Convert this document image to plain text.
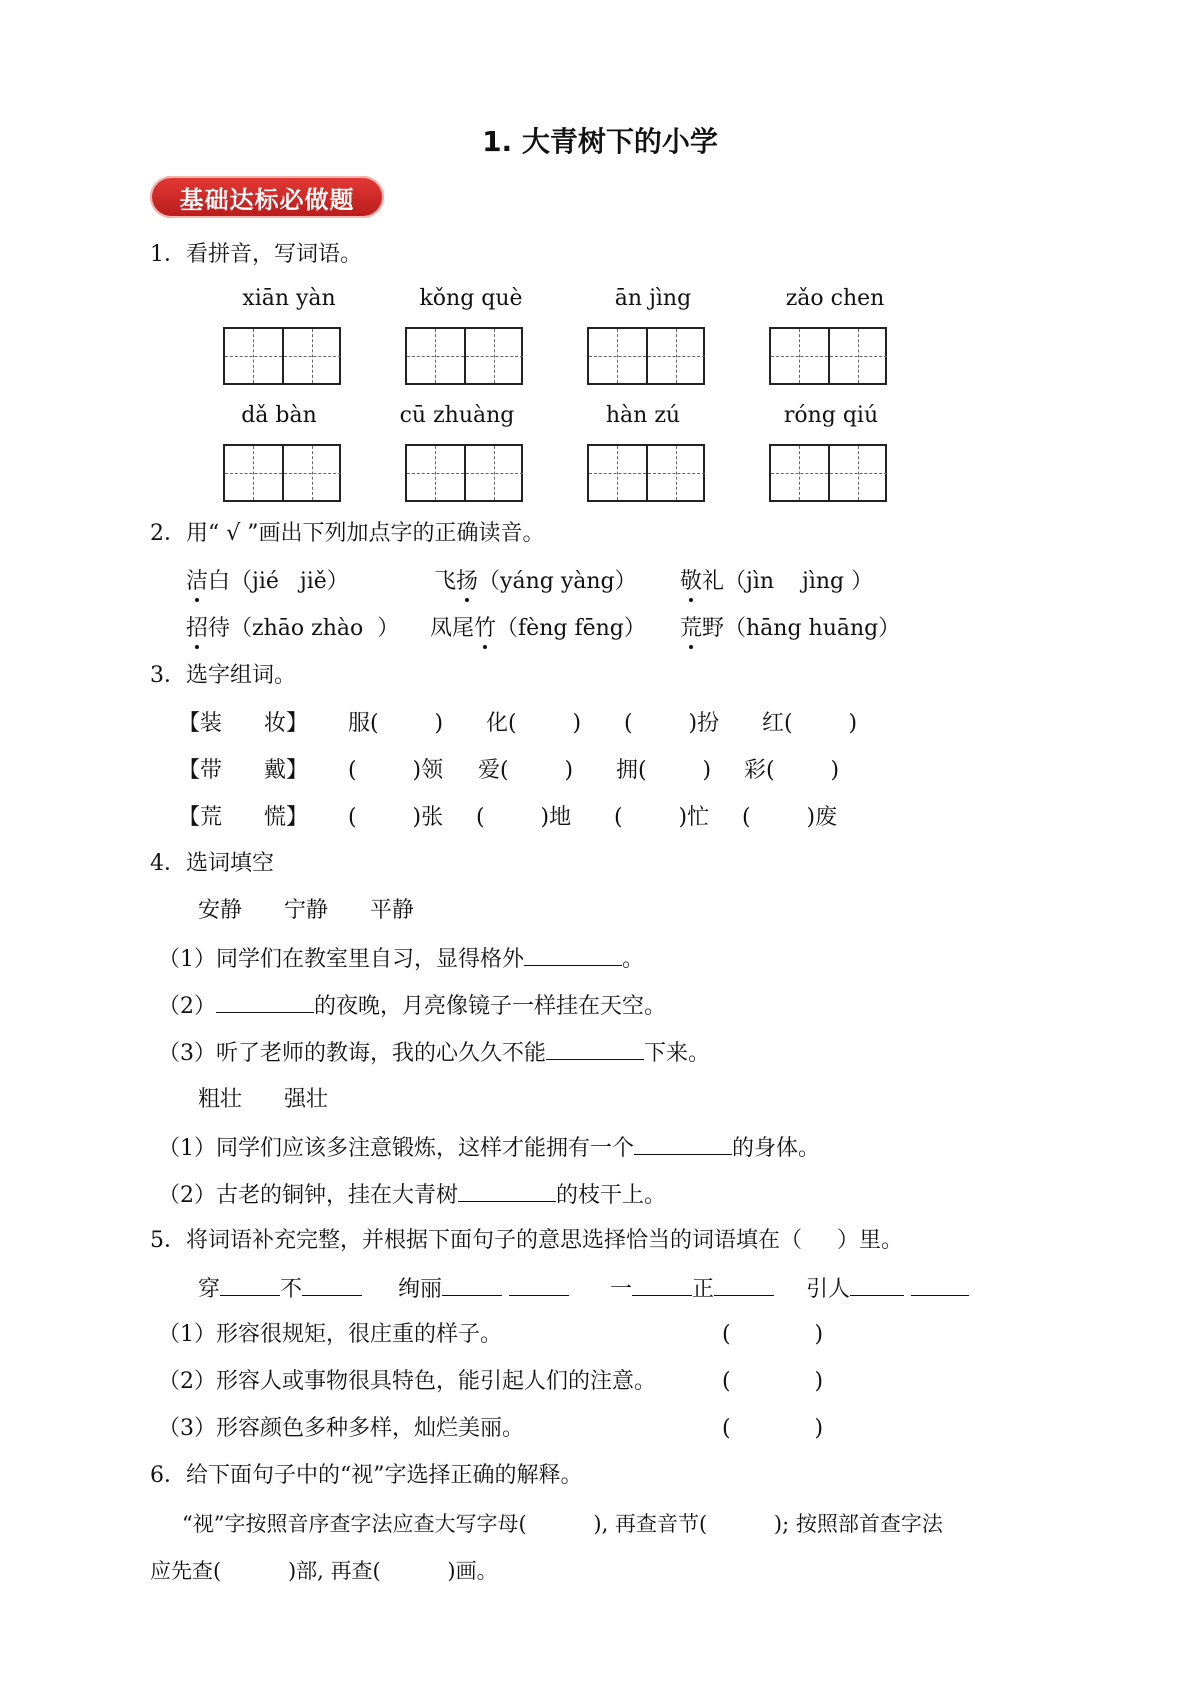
1. 大青树下的小学
基础达标必做题
1．看拼音，写词语。
xiān yàn	kǒng què	ān jìng	zǎo chen
dǎ bàn	cū zhuàng	hàn zú	róng qiú
2．用“ √ ”画出下列加点字的正确读音。
洁白（jié   jiě）	飞扬（yáng yàng） 敬礼（jìn    jìng ）
招待（zhāo zhào  ） 凤尾竹（fèng fēng） 荒野（hāng huāng）
3．选字组词。
【装      妆】 服(        ) 化(        ) (        )扮 红(        )
【带      戴】 (        )领 爱(        ) 拥(        ) 彩(        )
【荒      慌】 (        )张 (        )地 (        )忙 (        )废
4．选词填空
安静      宁静      平静
（1）同学们在教室里自习，显得格外	。
（2）	的夜晚，月亮像镜子一样挂在天空。
（3）听了老师的教诲，我的心久久不能	下来。
粗壮      强壮
（1）同学们应该多注意锻炼，这样才能拥有一个	的身体。
（2）古老的铜钟，挂在大青树	的枝干上。
5．将词语补充完整，并根据下面句子的意思选择恰当的词语填在（     ）里。
穿	不	绚丽	一	正	引人
（1）形容很规矩，很庄重的样子。	(            )
（2）形容人或事物很具特色，能引起人们的注意。	(            )
（3）形容颜色多种多样，灿烂美丽。	(            )
6．给下面句子中的“视”字选择正确的解释。
“视”字按照音序查字法应查大写字母(          ), 再查音节(          ); 按照部首查字法
应先查(          )部, 再查(          )画。
